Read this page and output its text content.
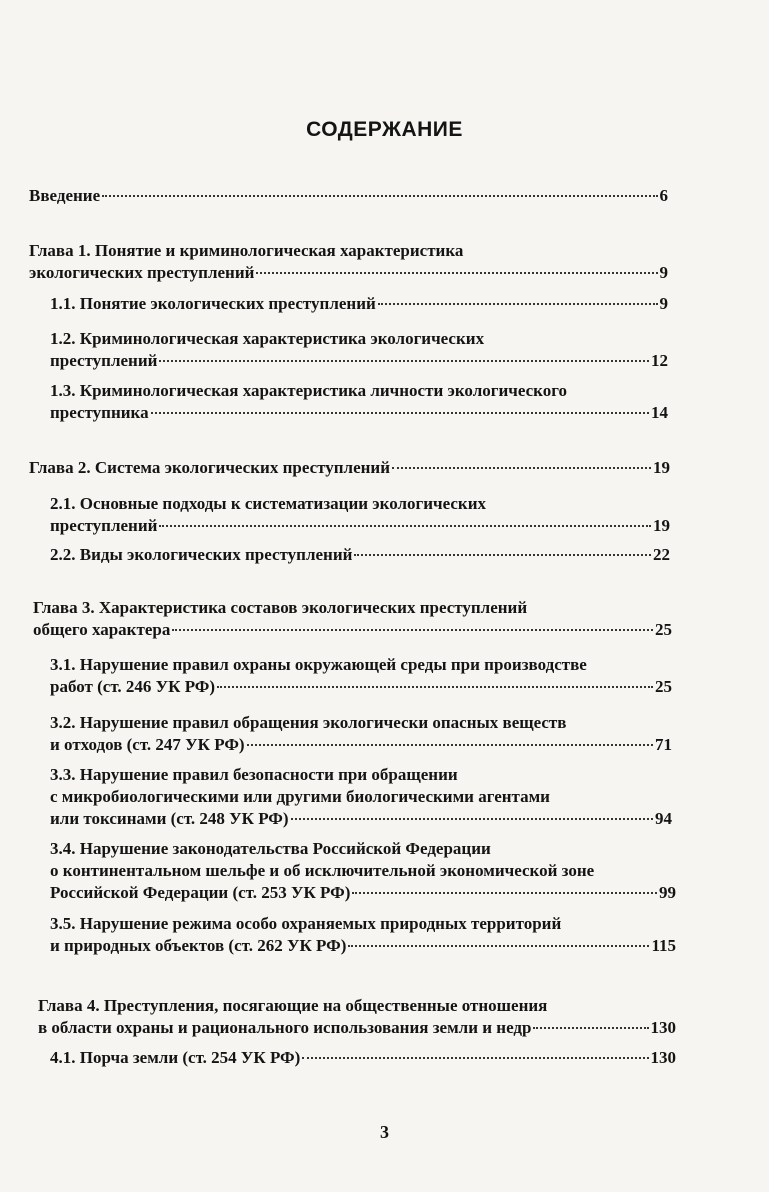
СОДЕРЖАНИЕ
Введение	6
Глава 1. Понятие и криминологическая характеристика
экологических преступлений	9
1.1. Понятие экологических преступлений	9
1.2. Криминологическая характеристика экологических
преступлений	12
1.3. Криминологическая характеристика личности экологического
преступника	14
Глава 2. Система экологических преступлений	19
2.1. Основные подходы к систематизации экологических
преступлений	19
2.2. Виды экологических преступлений	22
Глава 3. Характеристика составов экологических преступлений
общего характера	25
3.1. Нарушение правил охраны окружающей среды при производстве
работ (ст. 246 УК РФ)	25
3.2. Нарушение правил обращения экологически опасных веществ
и отходов (ст. 247 УК РФ)	71
3.3. Нарушение правил безопасности при обращении
с микробиологическими или другими биологическими агентами
или токсинами (ст. 248 УК РФ)	94
3.4. Нарушение законодательства Российской Федерации
о континентальном шельфе и об исключительной экономической зоне
Российской Федерации (ст. 253 УК РФ)	99
3.5. Нарушение режима особо охраняемых природных территорий
и природных объектов (ст. 262 УК РФ)	115
Глава 4. Преступления, посягающие на общественные отношения
в области охраны и рационального использования земли и недр	130
4.1. Порча земли (ст. 254 УК РФ)	130
3
